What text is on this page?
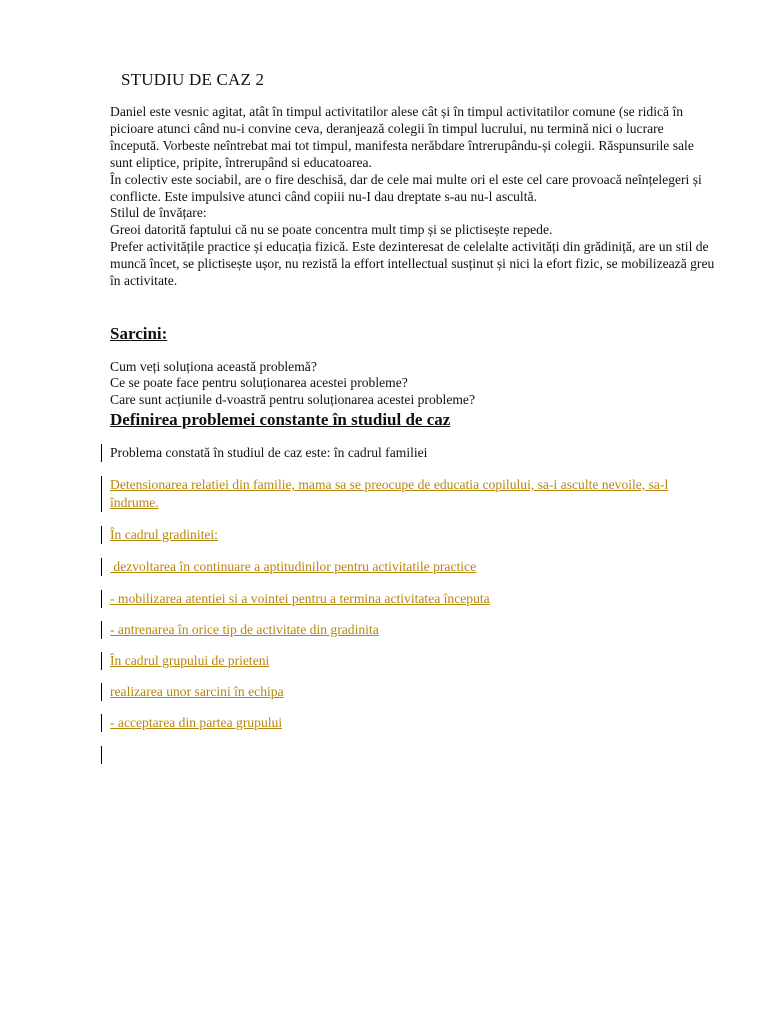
STUDIU DE CAZ 2

Daniel este vesnic agitat, atât în timpul activitatilor alese cât și în timpul activitatilor comune (se ridică în picioare atunci când nu-i convine ceva, deranjează colegii în timpul lucrului, nu termină nici o lucrare începută. Vorbeste neîntrebat mai tot timpul, manifesta nerăbdare întrerupându-și colegii. Răspunsurile sale sunt eliptice, pripite, întrerupând si educatoarea.

În colectiv este sociabil, are o fire deschisă, dar de cele mai multe ori el este cel care provoacă neînțelegeri și conflicte. Este impulsive atunci când copiii nu-I dau dreptate s-au nu-l ascultă.

Stilul de învățare:

Greoi datorită faptului că nu se poate concentra mult timp și se plictisește repede.

Prefer activitățile practice și educația fizică. Este dezinteresat de celelalte activități din grădiniță, are un stil de muncă încet, se plictisește ușor, nu rezistă la effort intellectual susținut și nici la efort fizic, se mobilizează greu în activitate.

Sarcini:

Cum veți soluționa această problemă?

Ce se poate face pentru soluționarea acestei probleme?

Care sunt acțiunile d-voastră pentru soluționarea acestei probleme?

Definirea problemei constante în studiul de caz
Problema constată în studiul de caz este: în cadrul familiei
Detensionarea relatiei din familie, mama sa se preocupe de educatia copilului, sa-i asculte nevoile, sa-l îndrume.
În cadrul gradinitei:
dezvoltarea în continuare a aptitudinilor pentru activitatile practice
- mobilizarea atentiei si a vointei pentru a termina activitatea începuta
- antrenarea în orice tip de activitate din gradinita
În cadrul grupului de prieteni
realizarea unor sarcini în echipa
- acceptarea din partea grupului
